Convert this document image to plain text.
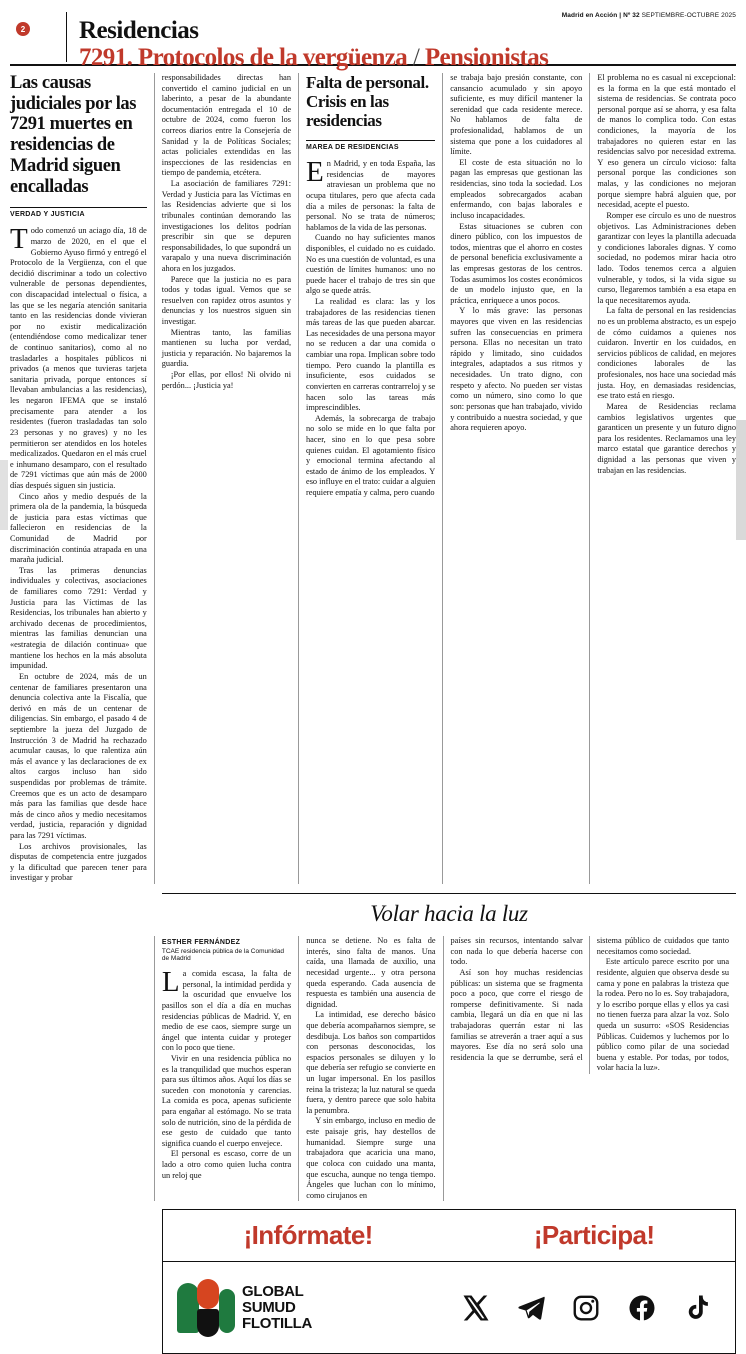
2
Madrid en Acción | Nº 32 SEPTIEMBRE-OCTUBRE 2025
Residencias
7291. Protocolos de la vergüenza / Pensionistas
Las causas judiciales por las 7291 muertes en residencias de Madrid siguen encalladas
VERDAD Y JUSTICIA

Todo comenzó un aciago día, 18 de marzo de 2020, en el que el Gobierno Ayuso firmó y entregó el Protocolo de la Vergüenza, con el que decidió discriminar a todo un colectivo vulnerable de personas dependientes, con discapacidad intelectual o física, a las que se les negaría atención sanitaria tanto en las residencias donde vivieran por no existir medicalización (entendiéndose como medicalizar tener de continuo sanitarios), como al no trasladarles a hospitales públicos ni privados (a menos que tuvieras tarjeta sanitaria privada, porque entonces sí llevaban ambulancias a las residencias), les negaron IFEMA que se instaló precisamente para atender a los residentes (fueron trasladadas tan solo 23 personas y no graves) y no les permitieron ser atendidos en los hoteles medicalizados. Quedaron en el más cruel e inhumano desamparo, con el resultado de 7291 víctimas que aún más de 2000 días después siguen sin justicia.

Cinco años y medio después de la primera ola de la pandemia, la búsqueda de justicia para estas víctimas que fallecieron en residencias de la Comunidad de Madrid por discriminación continúa atrapada en una maraña judicial.

Tras las primeras denuncias individuales y colectivas, asociaciones de familiares como 7291: Verdad y Justicia para las Víctimas de las Residencias, los tribunales han abierto y archivado decenas de procedimientos, mientras las familias denuncian una «estrategia de dilación continua» que mantiene los hechos en la más absoluta impunidad.

En octubre de 2024, más de un centenar de familiares presentaron una denuncia colectiva ante la Fiscalía, que derivó en más de un centenar de diligencias. Sin embargo, el pasado 4 de septiembre la jueza del Juzgado de Instrucción 3 de Madrid ha rechazado acumular causas, lo que ralentiza aún más el avance y las declaraciones de ex altos cargos incluso han sido suspendidas por problemas de trámite. Creemos que es un acto de desamparo más para las familias que desde hace más de cinco años y medio necesitamos verdad, justicia, reparación y dignidad para las 7291 víctimas.

Los archivos provisionales, las disputas de competencia entre juzgados y la dificultad que parecen tener para investigar y probar

responsabilidades directas han convertido el camino judicial en un laberinto, a pesar de la abundante documentación entregada el 10 de octubre de 2024, como fueron los correos diarios entre la Consejería de Sanidad y la de Políticas Sociales; actas policiales extendidas en las inspecciones de las residencias en tiempo de pandemia, etcétera.

La asociación de familiares 7291: Verdad y Justicia para las Víctimas en las Residencias advierte que si los tribunales continúan demorando las investigaciones los delitos podrían prescribir sin que se depuren responsabilidades, lo que supondrá un varapalo y una nueva discriminación ahora en los juzgados.

Parece que la justicia no es para todos y todas igual. Vemos que se resuelven con rapidez otros asuntos y denuncias y los nuestros siguen sin investigar.

Mientras tanto, las familias mantienen su lucha por verdad, justicia y reparación. No bajaremos la guardia.

¡Por ellas, por ellos! Ni olvido ni perdón... ¡Justicia ya!

Falta de personal. Crisis en las residencias
MAREA DE RESIDENCIAS

En Madrid, y en toda España, las residencias de mayores atraviesan un problema que no ocupa titulares, pero que afecta cada día a miles de personas: la falta de personal. No se trata de números; hablamos de la vida de las personas.

Cuando no hay suficientes manos disponibles, el cuidado no es cuidado. No es una cuestión de voluntad, es una cuestión de límites humanos: uno no puede hacer el trabajo de tres sin que algo se quede atrás.

La realidad es clara: las y los trabajadores de las residencias tienen más tareas de las que pueden abarcar. Las necesidades de una persona mayor no se reducen a dar una comida o cambiar una ropa. Implican sobre todo tiempo. Pero cuando la plantilla es insuficiente, esos cuidados se convierten en carreras contrarreloj y se hacen solo las tareas más imprescindibles.

Además, la sobrecarga de trabajo no solo se mide en lo que falta por hacer, sino en lo que pesa sobre quienes cuidan. El agotamiento físico y emocional termina afectando al estado de ánimo de los empleados. Y eso influye en el trato: cuidar a alguien requiere empatía y calma, pero cuando

se trabaja bajo presión constante, con cansancio acumulado y sin apoyo suficiente, es muy difícil mantener la serenidad que cada residente merece. No hablamos de falta de profesionalidad, hablamos de un sistema que pone a los cuidadores al límite.

El coste de esta situación no lo pagan las empresas que gestionan las residencias, sino toda la sociedad. Los empleados sobrecargados acaban enfermando, con bajas laborales e incluso incapacidades.

Estas situaciones se cubren con dinero público, con los impuestos de todos, mientras que el ahorro en costes de personal beneficia exclusivamente a las empresas gestoras de los centros. Todas asumimos los costes económicos de un modelo injusto que, en la práctica, enriquece a unos pocos.

Y lo más grave: las personas mayores que viven en las residencias sufren las consecuencias en primera persona. Ellas no necesitan un trato rápido y limitado, sino cuidados integrales, adaptados a sus ritmos y necesidades. Un trato digno, con respeto y afecto. No pueden ser vistas como un número, sino como lo que son: personas que han trabajado, vivido y contribuido a nuestra sociedad, y que ahora requieren apoyo.

El problema no es casual ni excepcional: es la forma en la que está montado el sistema de residencias. Se contrata poco personal porque así se ahorra, y esa falta de manos lo complica todo. Con estas condiciones, la mayoría de los trabajadores no quieren estar en las residencias salvo por necesidad extrema. Y eso genera un círculo vicioso: falta personal porque las condiciones son malas, y las condiciones no mejoran porque siempre habrá alguien que, por necesidad, acepte el puesto.

Romper ese círculo es uno de nuestros objetivos. Las Administraciones deben garantizar con leyes la plantilla adecuada y condiciones laborales dignas. Y como sociedad, no podemos mirar hacia otro lado. Todos tenemos cerca a alguien vulnerable, y todos, si la vida sigue su curso, llegaremos también a esa etapa en la que necesitaremos ayuda.

La falta de personal en las residencias no es un problema abstracto, es un espejo de cómo cuidamos a quienes nos cuidaron. Invertir en los cuidados, en servicios públicos de calidad, en mejores condiciones laborales de las profesionales, nos hace una sociedad más justa. Hoy, en demasiadas residencias, ese trato está en riesgo.

Marea de Residencias reclama cambios legislativos urgentes que garanticen un presente y un futuro digno para los residentes. Reclamamos una ley marco estatal que garantice derechos y dignidad a las personas que viven y trabajan en las residencias.

Volar hacia la luz
ESTHER FERNÁNDEZ
TCAE residencia pública de la Comunidad de Madrid

La comida escasa, la falta de personal, la intimidad perdida y la oscuridad que envuelve los pasillos son el día a día en muchas residencias públicas de Madrid. Y, en medio de ese caos, siempre surge un ángel que intenta cuidar y proteger con lo poco que tiene.

Vivir en una residencia pública no es la tranquilidad que muchos esperan para sus últimos años. Aquí los días se suceden con monotonía y carencias. La comida es poca, apenas suficiente para engañar al estómago. No se trata solo de nutrición, sino de la pérdida de ese gesto de cuidado que tanto significa cuando el cuerpo envejece.

El personal es escaso, corre de un lado a otro como quien lucha contra un reloj que

nunca se detiene. No es falta de interés, sino falta de manos. Una caída, una llamada de auxilio, una necesidad urgente... y otra persona queda esperando. Cada ausencia de respuesta es también una ausencia de dignidad.

La intimidad, ese derecho básico que debería acompañarnos siempre, se desdibuja. Los baños son compartidos con personas desconocidas, los espacios personales se diluyen y lo que debería ser refugio se convierte en un lugar impersonal. En los pasillos reina la tristeza; la luz natural se queda fuera, y dentro parece que solo habita la penumbra.

Y sin embargo, incluso en medio de este paisaje gris, hay destellos de humanidad. Siempre surge una trabajadora que acaricia una mano, que coloca con cuidado una manta, que escucha, aunque no tenga tiempo. Ángeles que luchan con lo mínimo, como cirujanos en

países sin recursos, intentando salvar con nada lo que debería hacerse con todo.

Así son hoy muchas residencias públicas: un sistema que se fragmenta poco a poco, que corre el riesgo de romperse definitivamente. Si nada cambia, llegará un día en que ni las trabajadoras querrán estar ni las familias se atreverán a traer aquí a sus mayores. Ese día no será solo una residencia la que se derrumbe, será el sistema público de cuidados que tanto necesitamos como sociedad.

Este artículo parece escrito por una residente, alguien que observa desde su cama y pone en palabras la tristeza que la rodea. Pero no lo es. Soy trabajadora, y lo escribo porque ellas y ellos ya casi no tienen fuerza para alzar la voz. Solo queda un susurro: «SOS Residencias Públicas. Cuidemos y luchemos por lo público como pilar de una sociedad buena y estable. Por todas, por todos, volar hacia la luz».

¡Infórmate!	¡Participa!
GLOBAL
SUMUD
FLOTILLA
